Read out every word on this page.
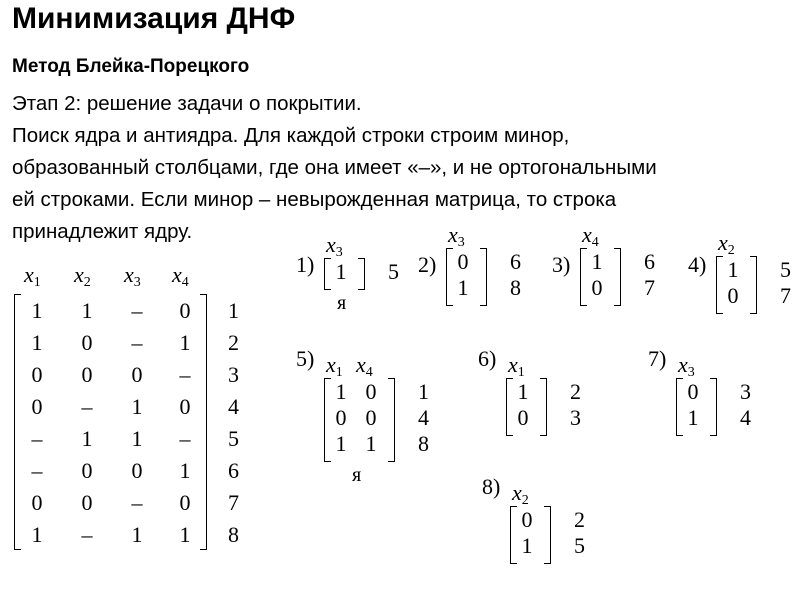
Минимизация ДНФ
Метод Блейка-Порецкого
Этап 2: решение задачи о покрытии.
Поиск ядра и антиядра. Для каждой строки строим минор,
образованный столбцами, где она имеет «–», и не ортогональными
ей строками. Если минор – невырожденная матрица, то строка
принадлежит ядру.
$x_1$ $x_2$ $x_3$ $x_4$
1	1	–	0	1
1	0	–	1	2
0	0	0	–	3
0	–	1	0	4
–	1	1	–	5
–	0	0	1	6
0	0	–	0	7
1	–	1	1	8
1)
$x_3$
1	5
я
2)
$x_3$
0	6
1	8
3)
$x_4$
1	6
0	7
4)
$x_2$
1	5
0	7
5) $x_1$ $x_4$
1 0	1
0 0	4
1 1	8
я
6) $x_1$
1	2
0	3
7) $x_3$
0	3
1	4
8) $x_2$
0	2
1	5
